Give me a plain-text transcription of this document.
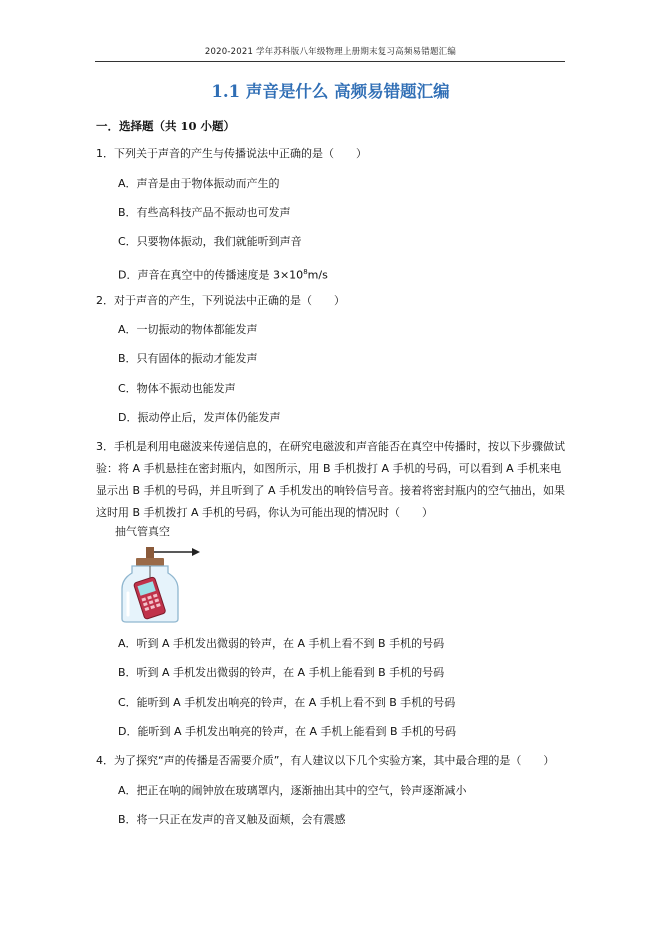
2020-2021 学年苏科版八年级物理上册期末复习高频易错题汇编
1.1 声音是什么 高频易错题汇编
一．选择题（共 10 小题）
1．下列关于声音的产生与传播说法中正确的是（　　）
A．声音是由于物体振动而产生的
B．有些高科技产品不振动也可发声
C．只要物体振动，我们就能听到声音
D．声音在真空中的传播速度是 $3\times 10^8m/s$
2．对于声音的产生，下列说法中正确的是（　　）
A．一切振动的物体都能发声
B．只有固体的振动才能发声
C．物体不振动也能发声
D．振动停止后，发声体仍能发声
3．手机是利用电磁波来传递信息的，在研究电磁波和声音能否在真空中传播时，按以下步骤做试验：将 A 手机悬挂在密封瓶内，如图所示，用 B 手机拨打 A 手机的号码，可以看到 A 手机来电显示出 B 手机的号码，并且听到了 A 手机发出的响铃信号音。接着将密封瓶内的空气抽出，如果这时用 B 手机拨打 A 手机的号码，你认为可能出现的情况时（　　）
抽气管真空
A．听到 A 手机发出微弱的铃声，在 A 手机上看不到 B 手机的号码
B．听到 A 手机发出微弱的铃声，在 A 手机上能看到 B 手机的号码
C．能听到 A 手机发出响亮的铃声，在 A 手机上看不到 B 手机的号码
D．能听到 A 手机发出响亮的铃声，在 A 手机上能看到 B 手机的号码
4．为了探究“声的传播是否需要介质”，有人建议以下几个实验方案，其中最合理的是（　　）
A．把正在响的闹钟放在玻璃罩内，逐渐抽出其中的空气，铃声逐渐减小
B．将一只正在发声的音叉触及面颊，会有震感
